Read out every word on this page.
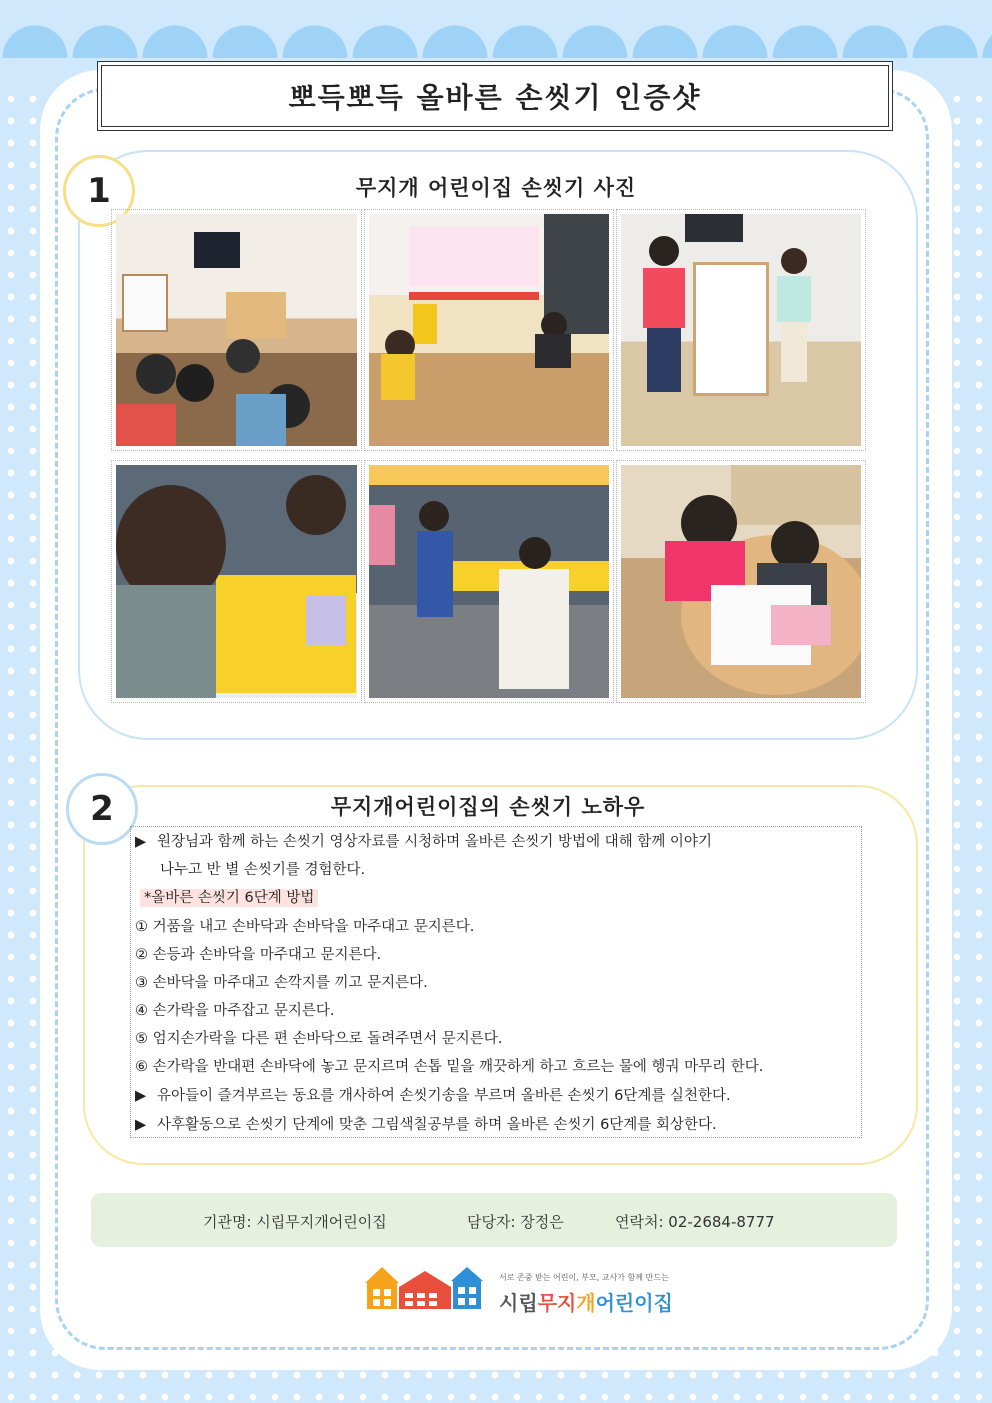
뽀득뽀득 올바른 손씻기 인증샷
1	무지개 어린이집 손씻기 사진
2	무지개어린이집의 손씻기 노하우
▶ 원장님과 함께 하는 손씻기 영상자료를 시청하며 올바른 손씻기 방법에 대해 함께 이야기
나누고 반 별 손씻기를 경험한다.
*올바른 손씻기 6단계 방법
① 거품을 내고 손바닥과 손바닥을 마주대고 문지른다.
② 손등과 손바닥을 마주대고 문지른다.
③ 손바닥을 마주대고 손깍지를 끼고 문지른다.
④ 손가락을 마주잡고 문지른다.
⑤ 엄지손가락을 다른 편 손바닥으로 돌려주면서 문지른다.
⑥ 손가락을 반대편 손바닥에 놓고 문지르며 손톱 밑을 깨끗하게 하고 흐르는 물에 헹궈 마무리 한다.
▶ 유아들이 즐겨부르는 동요를 개사하여 손씻기송을 부르며 올바른 손씻기 6단계를 실천한다.
▶ 사후활동으로 손씻기 단계에 맞춘 그림색칠공부를 하며 올바른 손씻기 6단계를 회상한다.
기관명: 시립무지개어린이집	담당자: 장정은	연락처: 02-2684-8777
서로 존중 받는 어린이, 부모, 교사가 함께 만드는
시립무지개어린이집
